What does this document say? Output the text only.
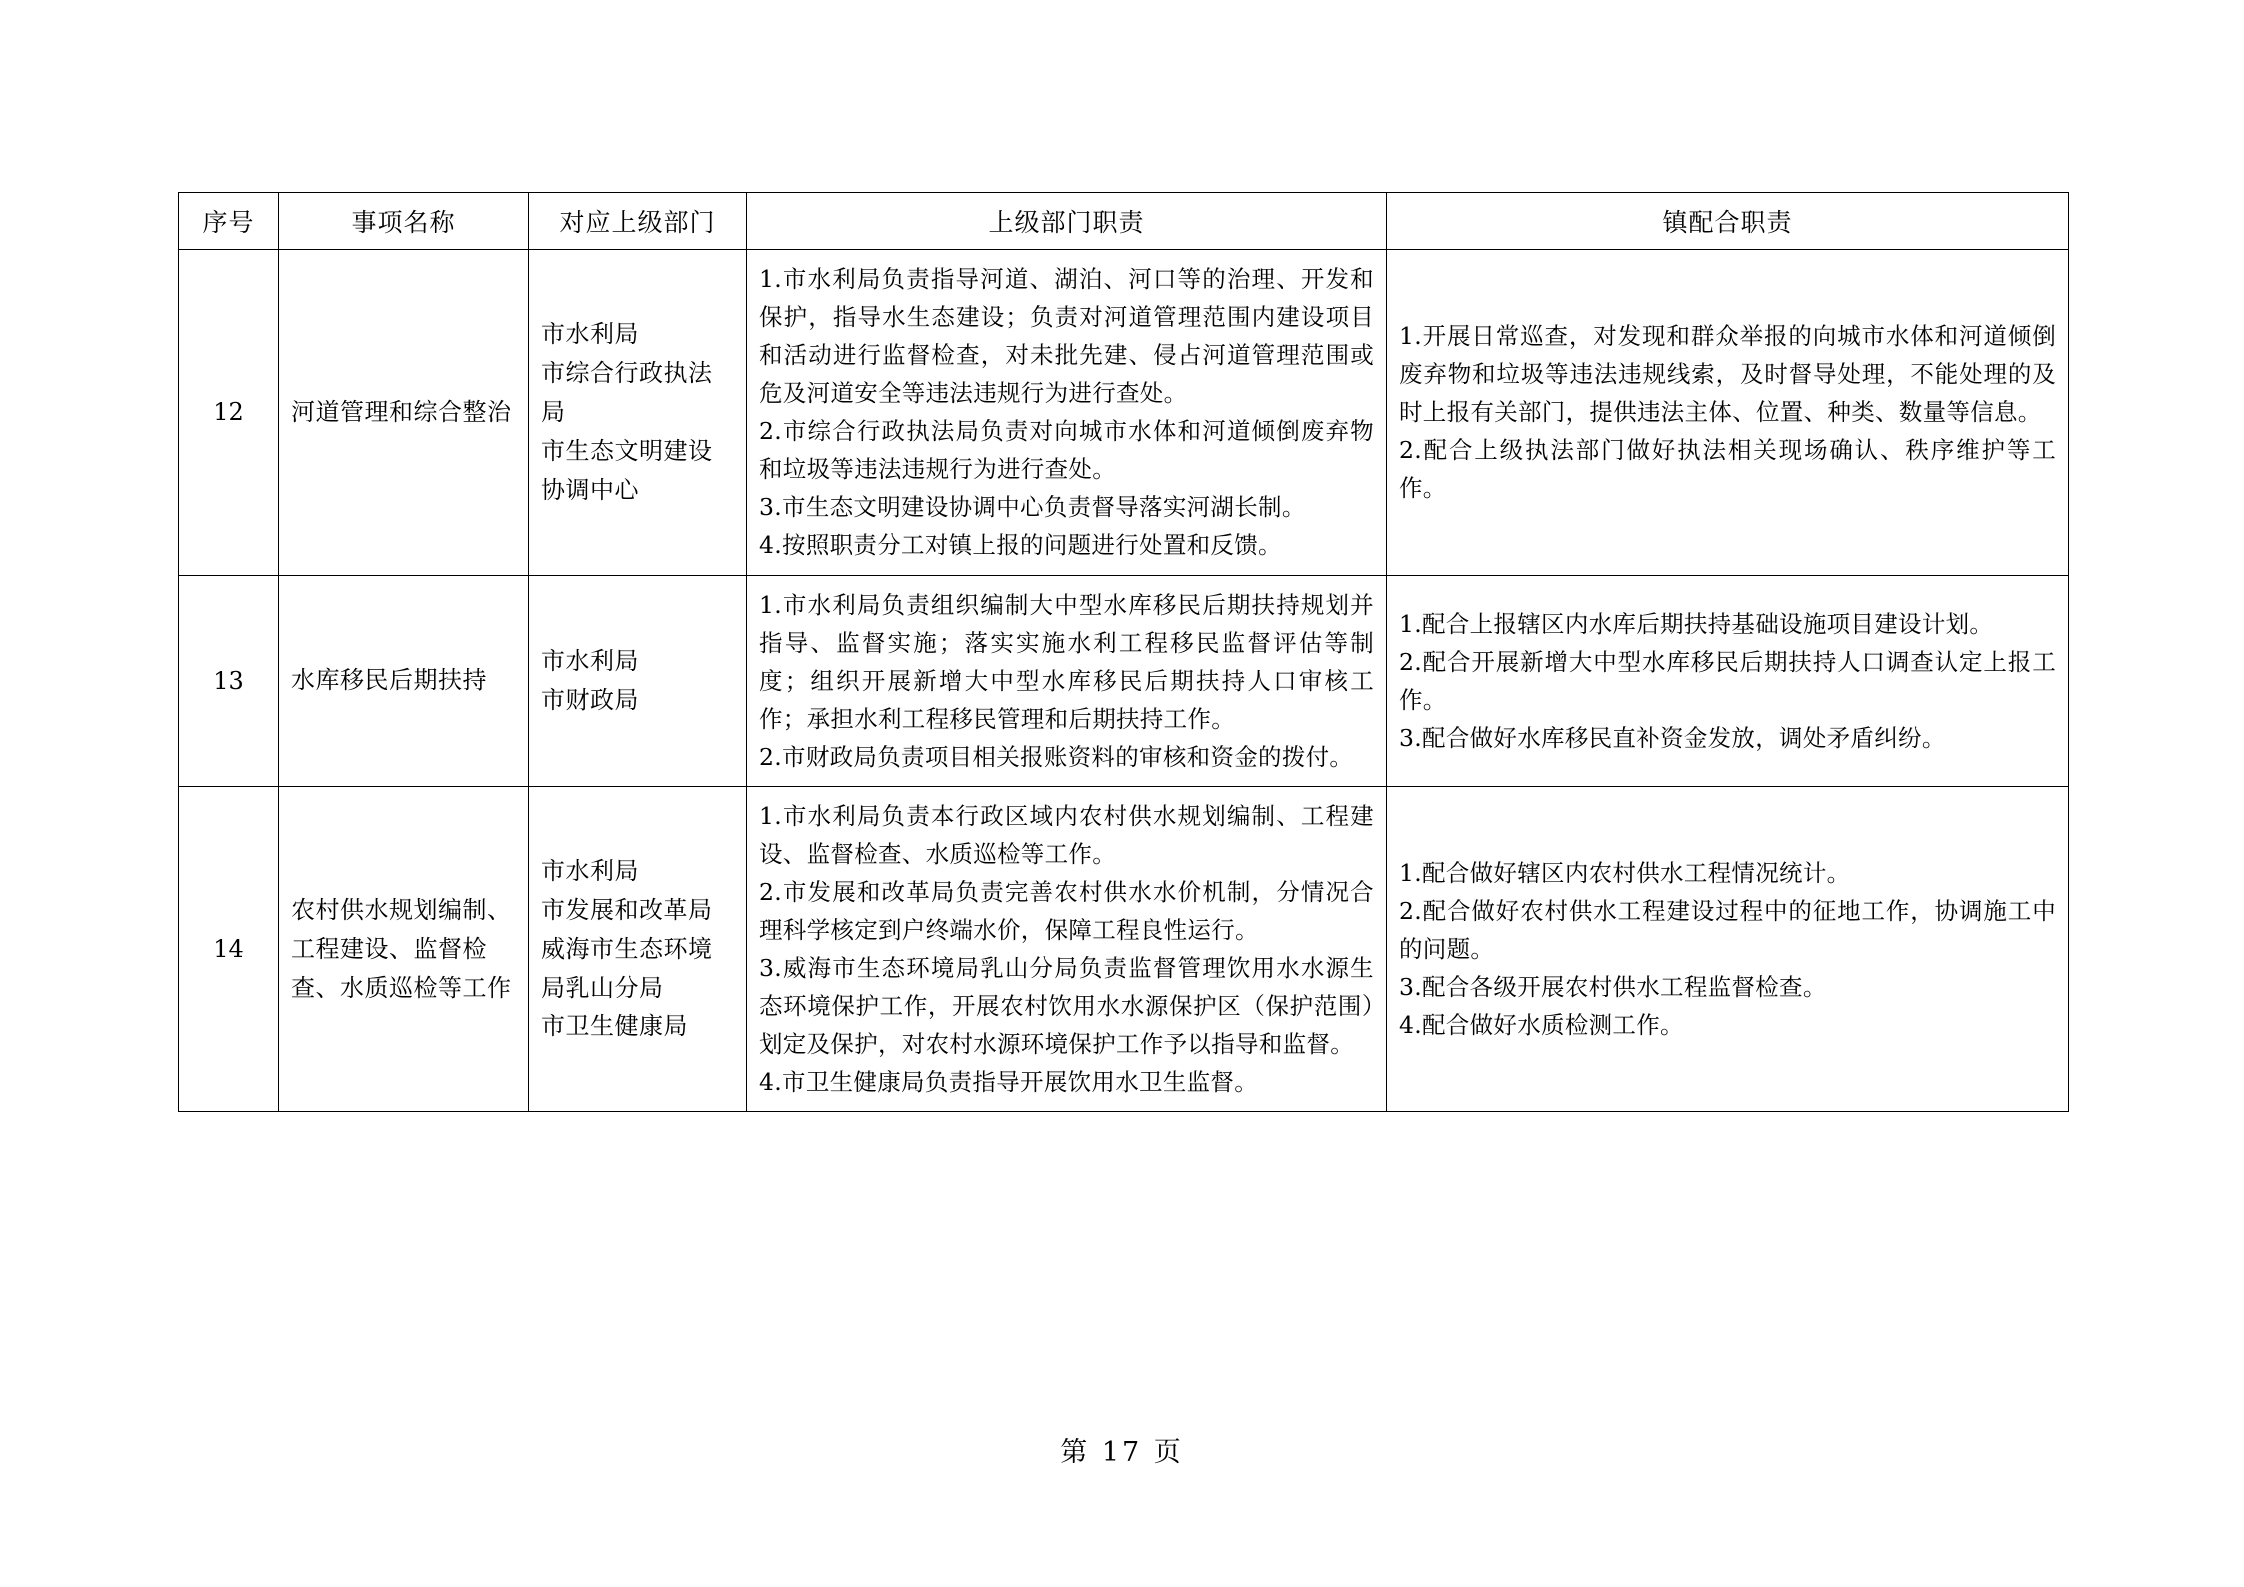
序号	事项名称	对应上级部门	上级部门职责	镇配合职责
12	河道管理和综合整治	市水利局
市综合行政执法局
市生态文明建设协调中心	1.市水利局负责指导河道、湖泊、河口等的治理、开发和保护，指导水生态建设；负责对河道管理范围内建设项目和活动进行监督检查，对未批先建、侵占河道管理范围或危及河道安全等违法违规行为进行查处。
2.市综合行政执法局负责对向城市水体和河道倾倒废弃物和垃圾等违法违规行为进行查处。
3.市生态文明建设协调中心负责督导落实河湖长制。
4.按照职责分工对镇上报的问题进行处置和反馈。	1.开展日常巡查，对发现和群众举报的向城市水体和河道倾倒废弃物和垃圾等违法违规线索，及时督导处理，不能处理的及时上报有关部门，提供违法主体、位置、种类、数量等信息。
2.配合上级执法部门做好执法相关现场确认、秩序维护等工作。

13	水库移民后期扶持	市水利局
市财政局	1.市水利局负责组织编制大中型水库移民后期扶持规划并指导、监督实施；落实实施水利工程移民监督评估等制度；组织开展新增大中型水库移民后期扶持人口审核工作；承担水利工程移民管理和后期扶持工作。
2.市财政局负责项目相关报账资料的审核和资金的拨付。	1.配合上报辖区内水库后期扶持基础设施项目建设计划。
2.配合开展新增大中型水库移民后期扶持人口调查认定上报工作。
3.配合做好水库移民直补资金发放，调处矛盾纠纷。

14	农村供水规划编制、工程建设、监督检查、水质巡检等工作	市水利局
市发展和改革局
威海市生态环境局乳山分局
市卫生健康局	1.市水利局负责本行政区域内农村供水规划编制、工程建设、监督检查、水质巡检等工作。
2.市发展和改革局负责完善农村供水水价机制，分情况合理科学核定到户终端水价，保障工程良性运行。
3.威海市生态环境局乳山分局负责监督管理饮用水水源生态环境保护工作，开展农村饮用水水源保护区（保护范围）划定及保护，对农村水源环境保护工作予以指导和监督。
4.市卫生健康局负责指导开展饮用水卫生监督。	1.配合做好辖区内农村供水工程情况统计。
2.配合做好农村供水工程建设过程中的征地工作，协调施工中的问题。
3.配合各级开展农村供水工程监督检查。
4.配合做好水质检测工作。
第 17 页
